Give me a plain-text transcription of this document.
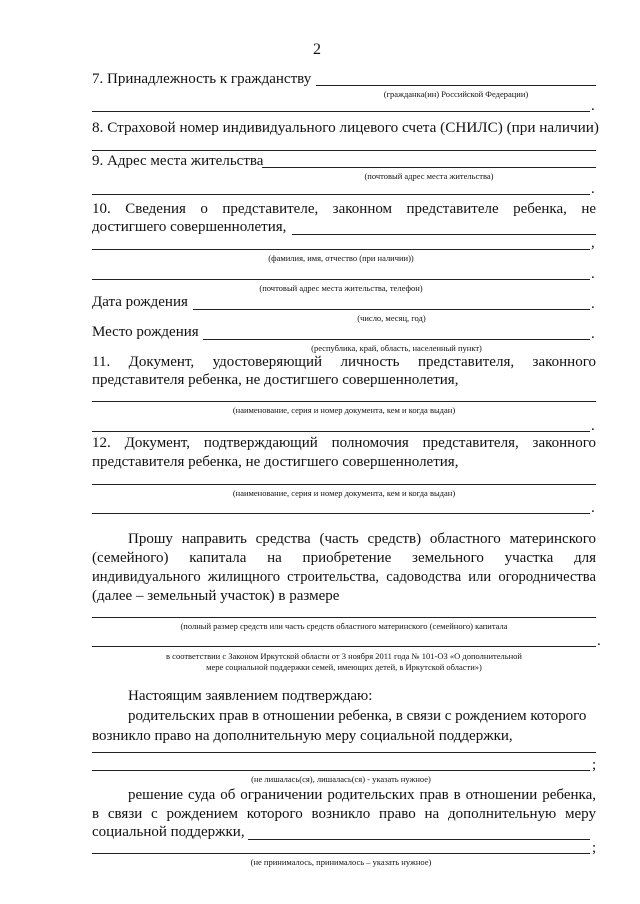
2
7. Принадлежность к гражданству
(гражданка(ин) Российской Федерации)
.
8. Страховой номер индивидуального лицевого счета (СНИЛС) (при наличии)
9. Адрес места жительства
(почтовый адрес места жительства)
.
10. Сведения о представителе, законном представителе ребенка, не
достигшего совершеннолетия,
,
(фамилия, имя, отчество (при наличии))
.
(почтовый адрес места жительства, телефон)
Дата рождения	.
(число, месяц, год)
Место рождения	.
(республика, край, область, населенный пункт)
11. Документ, удостоверяющий личность представителя, законного
представителя ребенка, не достигшего совершеннолетия,
(наименование, серия и номер документа, кем и когда выдан)
.
12. Документ, подтверждающий полномочия представителя, законного
представителя ребенка, не достигшего совершеннолетия,
(наименование, серия и номер документа, кем и когда выдан)
.
Прошу направить средства (часть средств) областного материнского
(семейного) капитала на приобретение земельного участка для
индивидуального жилищного строительства, садоводства или огородничества
(далее – земельный участок) в размере
(полный размер средств или часть средств областного материнского (семейного) капитала
.
в соответствии с Законом Иркутской области от 3 ноября 2011 года № 101-ОЗ «О дополнительной
мере социальной поддержки семей, имеющих детей, в Иркутской области»)
Настоящим заявлением подтверждаю:
родительских прав в отношении ребенка, в связи с рождением которого
возникло право на дополнительную меру социальной поддержки,
;
(не лишалась(ся), лишалась(ся) - указать нужное)
решение суда об ограничении родительских прав в отношении ребенка,
в связи с рождением которого возникло право на дополнительную меру
социальной поддержки,
;
(не принималось, принималось – указать нужное)
